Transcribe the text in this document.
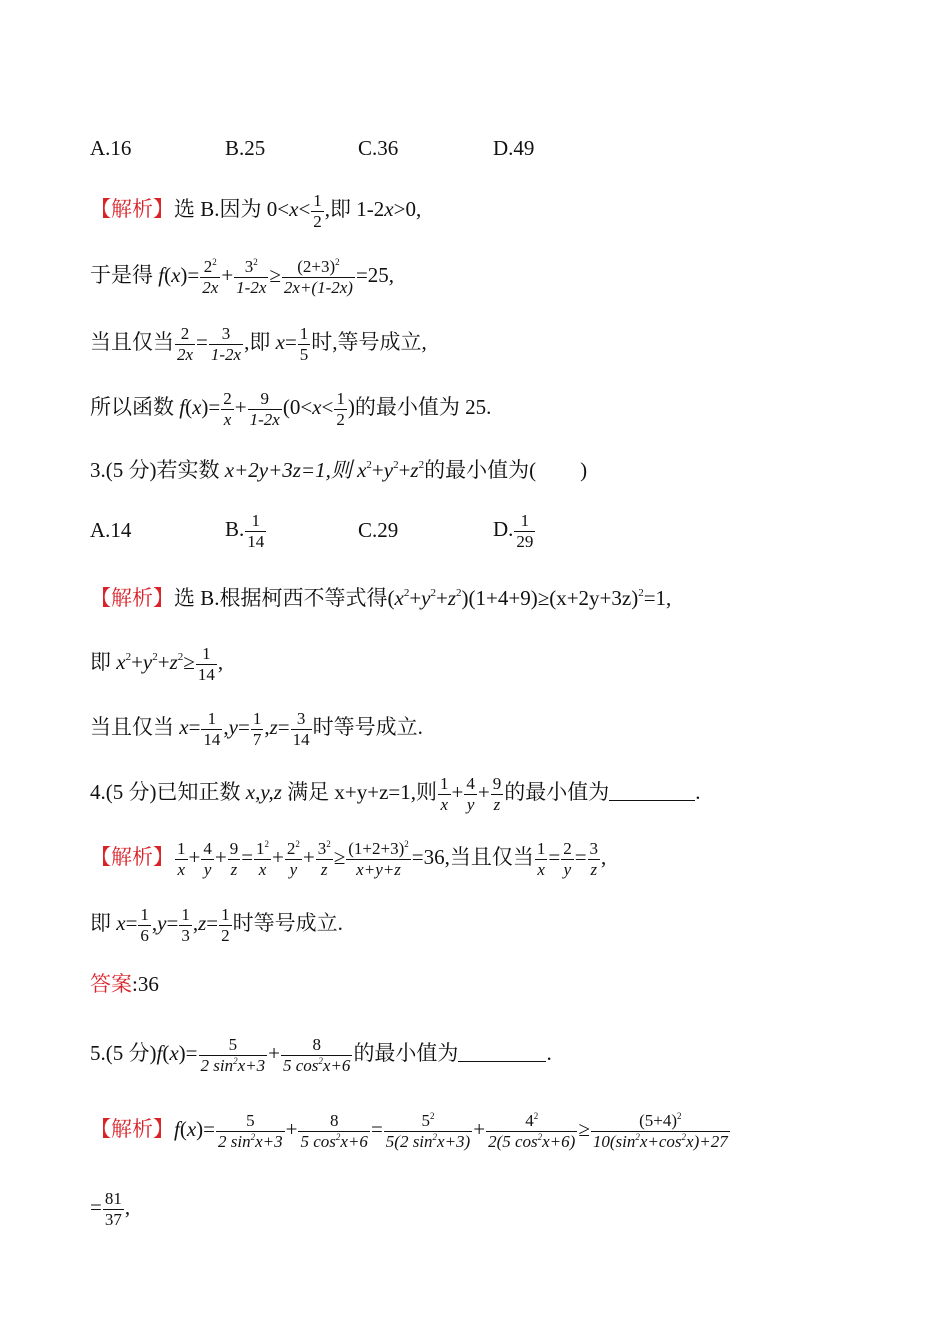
A.16	B.25	C.36	D.49
【解析】选 B.因为 $0<x< \frac{1}{2}$ ,即 1-2x>0,
于是得 $f(x)= \frac{2^2}{2x} + \frac{3^2}{1-2x} \ge \frac{(2+3)^2}{2x+(1-2x)} =25$,
当且仅当 $\frac{2}{2x} = \frac{3}{1-2x}$ ,即 $x= \frac{1}{5}$ 时,等号成立,
所以函数 $f(x)= \frac{2}{x} + \frac{9}{1-2x} (0<x< \frac{1}{2}$ )的最小值为 25.
3.(5 分)若实数 x+2y+3z=1,则 $x^2+y^2+z^2$的最小值为( )
A.14	B. $\frac{1}{14}$	C.29	D. $\frac{1}{29}$
【解析】选 B.根据柯西不等式得$(x^2+y^2+z^2)(1+4+9)\ge(x+2y+3z)^2=1$,
即 $x^2+y^2+z^2\ge \frac{1}{14}$ ,
当且仅当 $x= \frac{1}{14} ,y= \frac{1}{7} ,z= \frac{3}{14}$ 时等号成立.
4.(5 分)已知正数 x,y,z 满足 x+y+z=1,则 $\frac{1}{x} + \frac{4}{y} + \frac{9}{z}$ 的最小值为	.
【解析】 $\frac{1}{x} + \frac{4}{y} + \frac{9}{z} = \frac{1^2}{x} + \frac{2^2}{y} + \frac{3^2}{z} \ge \frac{(1+2+3)^2}{x+y+z} =36$,当且仅当 $\frac{1}{x} = \frac{2}{y} = \frac{3}{z}$ ,
即 $x= \frac{1}{6} ,y= \frac{1}{3} ,z= \frac{1}{2}$ 时等号成立.
答案:36
5.(5 分)$f(x)= \frac{5}{2 \sin^2x+3} + \frac{8}{5 \cos^2x+6}$ 的最小值为	.
【解析】$f(x)= \frac{5}{2 \sin^2x+3} + \frac{8}{5 \cos^2x+6} = \frac{5^2}{5(2 \sin^2x+3)} + \frac{4^2}{2(5 \cos^2x+6)} \ge \frac{(5+4)^2}{10(\sin^2x+\cos^2x)+27}$
= $\frac{81}{37}$ ,
